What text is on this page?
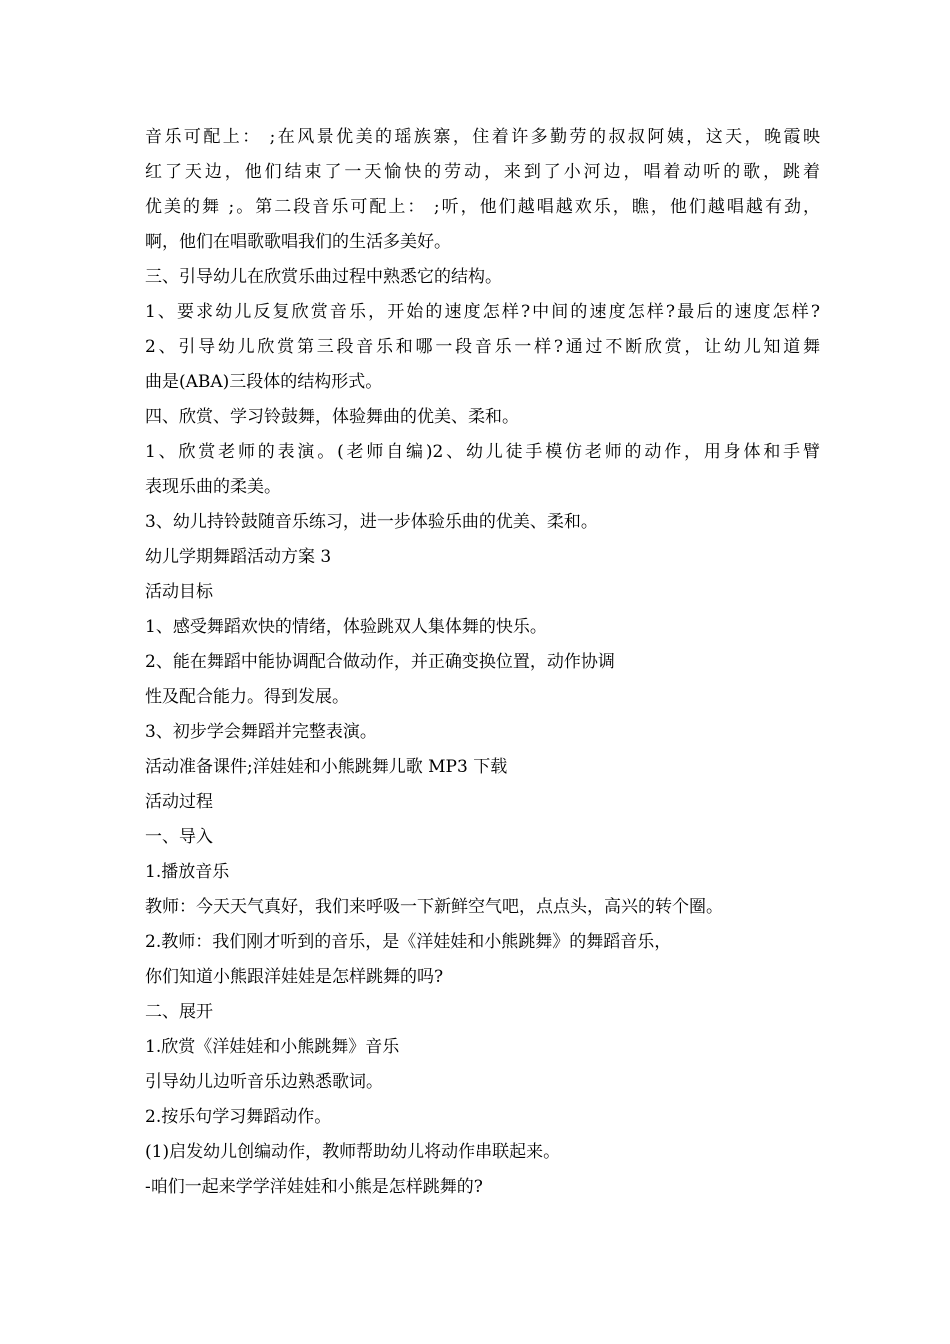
音乐可配上： ;在风景优美的瑶族寨，住着许多勤劳的叔叔阿姨，这天，晚霞映
红了天边，他们结束了一天愉快的劳动，来到了小河边，唱着动听的歌，跳着
优美的舞 ;。第二段音乐可配上： ;听，他们越唱越欢乐，瞧，他们越唱越有劲，
啊，他们在唱歌歌唱我们的生活多美好。
三、引导幼儿在欣赏乐曲过程中熟悉它的结构。
1、要求幼儿反复欣赏音乐，开始的速度怎样?中间的速度怎样?最后的速度怎样?
2、引导幼儿欣赏第三段音乐和哪一段音乐一样?通过不断欣赏，让幼儿知道舞
曲是(ABA)三段体的结构形式。
四、欣赏、学习铃鼓舞，体验舞曲的优美、柔和。
1、欣赏老师的表演。(老师自编)2、幼儿徒手模仿老师的动作，用身体和手臂
表现乐曲的柔美。
3、幼儿持铃鼓随音乐练习，进一步体验乐曲的优美、柔和。
幼儿学期舞蹈活动方案 3
活动目标
1、感受舞蹈欢快的情绪，体验跳双人集体舞的快乐。
2、能在舞蹈中能协调配合做动作，并正确变换位置，动作协调
性及配合能力。得到发展。
3、初步学会舞蹈并完整表演。
活动准备课件;洋娃娃和小熊跳舞儿歌 MP3 下载
活动过程
一、导入
1.播放音乐
教师：今天天气真好，我们来呼吸一下新鲜空气吧，点点头，高兴的转个圈。
2.教师：我们刚才听到的音乐，是《洋娃娃和小熊跳舞》的舞蹈音乐，
你们知道小熊跟洋娃娃是怎样跳舞的吗?
二、展开
1.欣赏《洋娃娃和小熊跳舞》音乐
引导幼儿边听音乐边熟悉歌词。
2.按乐句学习舞蹈动作。
(1)启发幼儿创编动作，教师帮助幼儿将动作串联起来。
-咱们一起来学学洋娃娃和小熊是怎样跳舞的?
